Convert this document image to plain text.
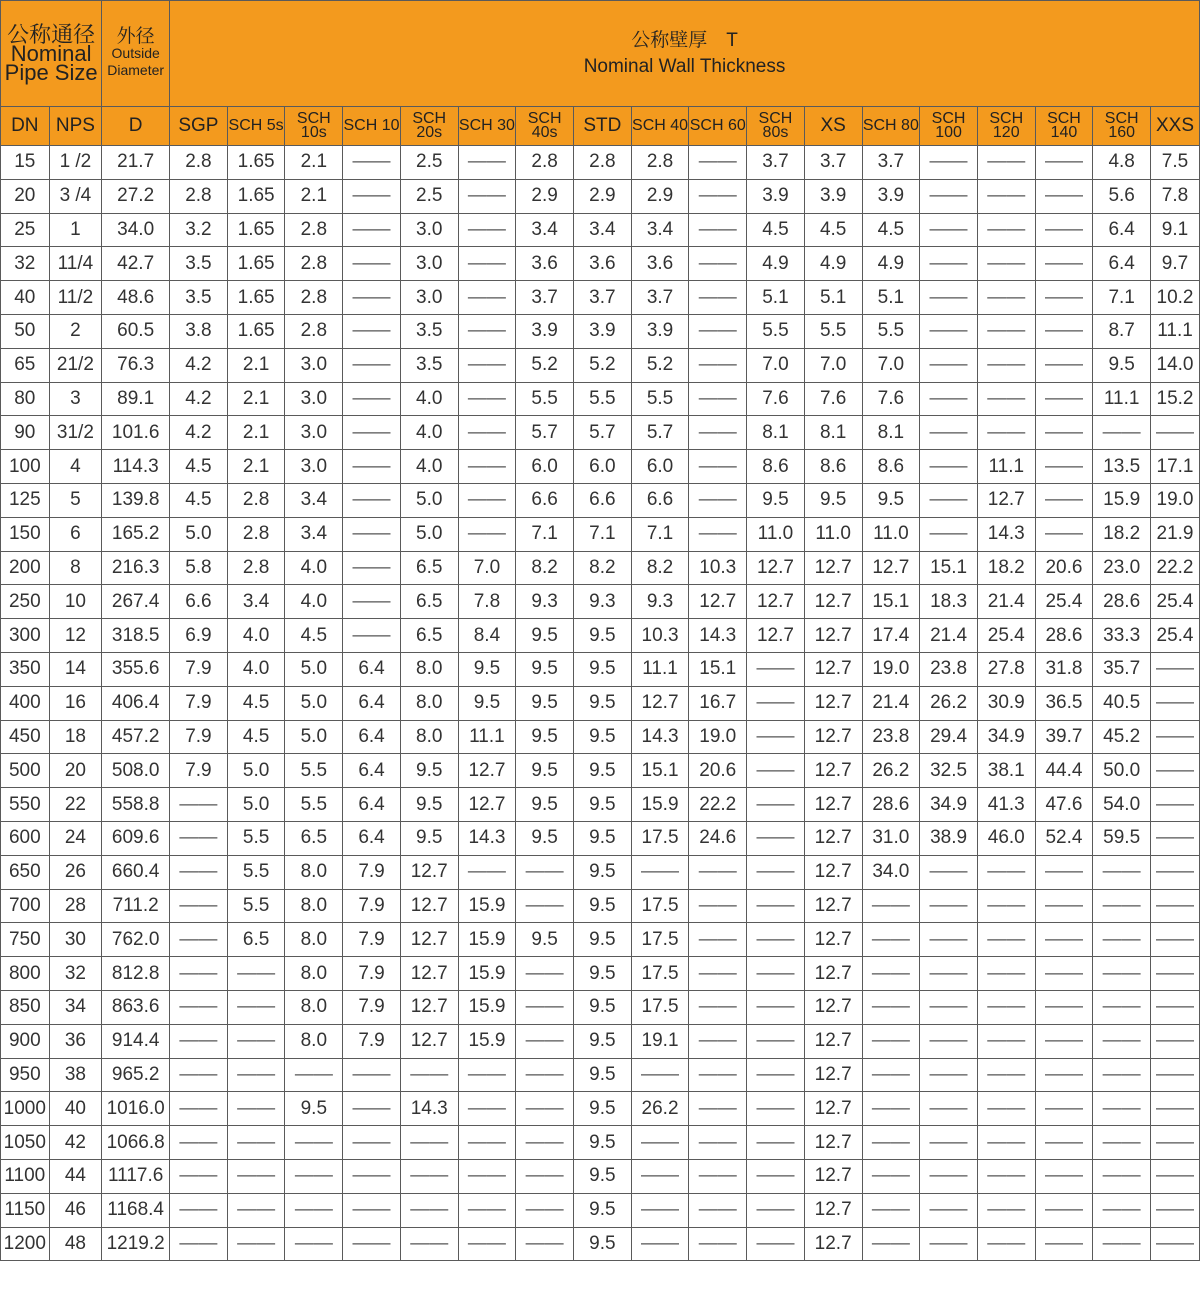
公称通径
Nominal Pipe Size		外径
Outside Diameter	公称壁厚　T
Nominal Wall Thickness																	

DN	NPS	D	SGP	SCH 5s	SCH 10s	SCH 10	SCH 20s	SCH 30	SCH 40s	STD	SCH 40	SCH 60	SCH 80s	XS	SCH 80	SCH 100	SCH 120	SCH 140	SCH 160	XXS
15	1 /2	21.7	2.8	1.65	2.1	——	2.5	——	2.8	2.8	2.8	——	3.7	3.7	3.7	——	——	——	4.8	7.5
20	3 /4	27.2	2.8	1.65	2.1	——	2.5	——	2.9	2.9	2.9	——	3.9	3.9	3.9	——	——	——	5.6	7.8
25	1	34.0	3.2	1.65	2.8	——	3.0	——	3.4	3.4	3.4	——	4.5	4.5	4.5	——	——	——	6.4	9.1
32	11/4	42.7	3.5	1.65	2.8	——	3.0	——	3.6	3.6	3.6	——	4.9	4.9	4.9	——	——	——	6.4	9.7
40	11/2	48.6	3.5	1.65	2.8	——	3.0	——	3.7	3.7	3.7	——	5.1	5.1	5.1	——	——	——	7.1	10.2
50	2	60.5	3.8	1.65	2.8	——	3.5	——	3.9	3.9	3.9	——	5.5	5.5	5.5	——	——	——	8.7	11.1
65	21/2	76.3	4.2	2.1	3.0	——	3.5	——	5.2	5.2	5.2	——	7.0	7.0	7.0	——	——	——	9.5	14.0
80	3	89.1	4.2	2.1	3.0	——	4.0	——	5.5	5.5	5.5	——	7.6	7.6	7.6	——	——	——	11.1	15.2
90	31/2	101.6	4.2	2.1	3.0	——	4.0	——	5.7	5.7	5.7	——	8.1	8.1	8.1	——	——	——	——	——
100	4	114.3	4.5	2.1	3.0	——	4.0	——	6.0	6.0	6.0	——	8.6	8.6	8.6	——	11.1	——	13.5	17.1
125	5	139.8	4.5	2.8	3.4	——	5.0	——	6.6	6.6	6.6	——	9.5	9.5	9.5	——	12.7	——	15.9	19.0
150	6	165.2	5.0	2.8	3.4	——	5.0	——	7.1	7.1	7.1	——	11.0	11.0	11.0	——	14.3	——	18.2	21.9
200	8	216.3	5.8	2.8	4.0	——	6.5	7.0	8.2	8.2	8.2	10.3	12.7	12.7	12.7	15.1	18.2	20.6	23.0	22.2
250	10	267.4	6.6	3.4	4.0	——	6.5	7.8	9.3	9.3	9.3	12.7	12.7	12.7	15.1	18.3	21.4	25.4	28.6	25.4
300	12	318.5	6.9	4.0	4.5	——	6.5	8.4	9.5	9.5	10.3	14.3	12.7	12.7	17.4	21.4	25.4	28.6	33.3	25.4
350	14	355.6	7.9	4.0	5.0	6.4	8.0	9.5	9.5	9.5	11.1	15.1	——	12.7	19.0	23.8	27.8	31.8	35.7	——
400	16	406.4	7.9	4.5	5.0	6.4	8.0	9.5	9.5	9.5	12.7	16.7	——	12.7	21.4	26.2	30.9	36.5	40.5	——
450	18	457.2	7.9	4.5	5.0	6.4	8.0	11.1	9.5	9.5	14.3	19.0	——	12.7	23.8	29.4	34.9	39.7	45.2	——
500	20	508.0	7.9	5.0	5.5	6.4	9.5	12.7	9.5	9.5	15.1	20.6	——	12.7	26.2	32.5	38.1	44.4	50.0	——
550	22	558.8	——	5.0	5.5	6.4	9.5	12.7	9.5	9.5	15.9	22.2	——	12.7	28.6	34.9	41.3	47.6	54.0	——
600	24	609.6	——	5.5	6.5	6.4	9.5	14.3	9.5	9.5	17.5	24.6	——	12.7	31.0	38.9	46.0	52.4	59.5	——
650	26	660.4	——	5.5	8.0	7.9	12.7	——	——	9.5	——	——	——	12.7	34.0	——	——	——	——	——
700	28	711.2	——	5.5	8.0	7.9	12.7	15.9	——	9.5	17.5	——	——	12.7	——	——	——	——	——	——
750	30	762.0	——	6.5	8.0	7.9	12.7	15.9	9.5	9.5	17.5	——	——	12.7	——	——	——	——	——	——
800	32	812.8	——	——	8.0	7.9	12.7	15.9	——	9.5	17.5	——	——	12.7	——	——	——	——	——	——
850	34	863.6	——	——	8.0	7.9	12.7	15.9	——	9.5	17.5	——	——	12.7	——	——	——	——	——	——
900	36	914.4	——	——	8.0	7.9	12.7	15.9	——	9.5	19.1	——	——	12.7	——	——	——	——	——	——
950	38	965.2	——	——	——	——	——	——	——	9.5	——	——	——	12.7	——	——	——	——	——	——
1000	40	1016.0	——	——	9.5	——	14.3	——	——	9.5	26.2	——	——	12.7	——	——	——	——	——	——
1050	42	1066.8	——	——	——	——	——	——	——	9.5	——	——	——	12.7	——	——	——	——	——	——
1100	44	1117.6	——	——	——	——	——	——	——	9.5	——	——	——	12.7	——	——	——	——	——	——
1150	46	1168.4	——	——	——	——	——	——	——	9.5	——	——	——	12.7	——	——	——	——	——	——
1200	48	1219.2	——	——	——	——	——	——	——	9.5	——	——	——	12.7	——	——	——	——	——	——
